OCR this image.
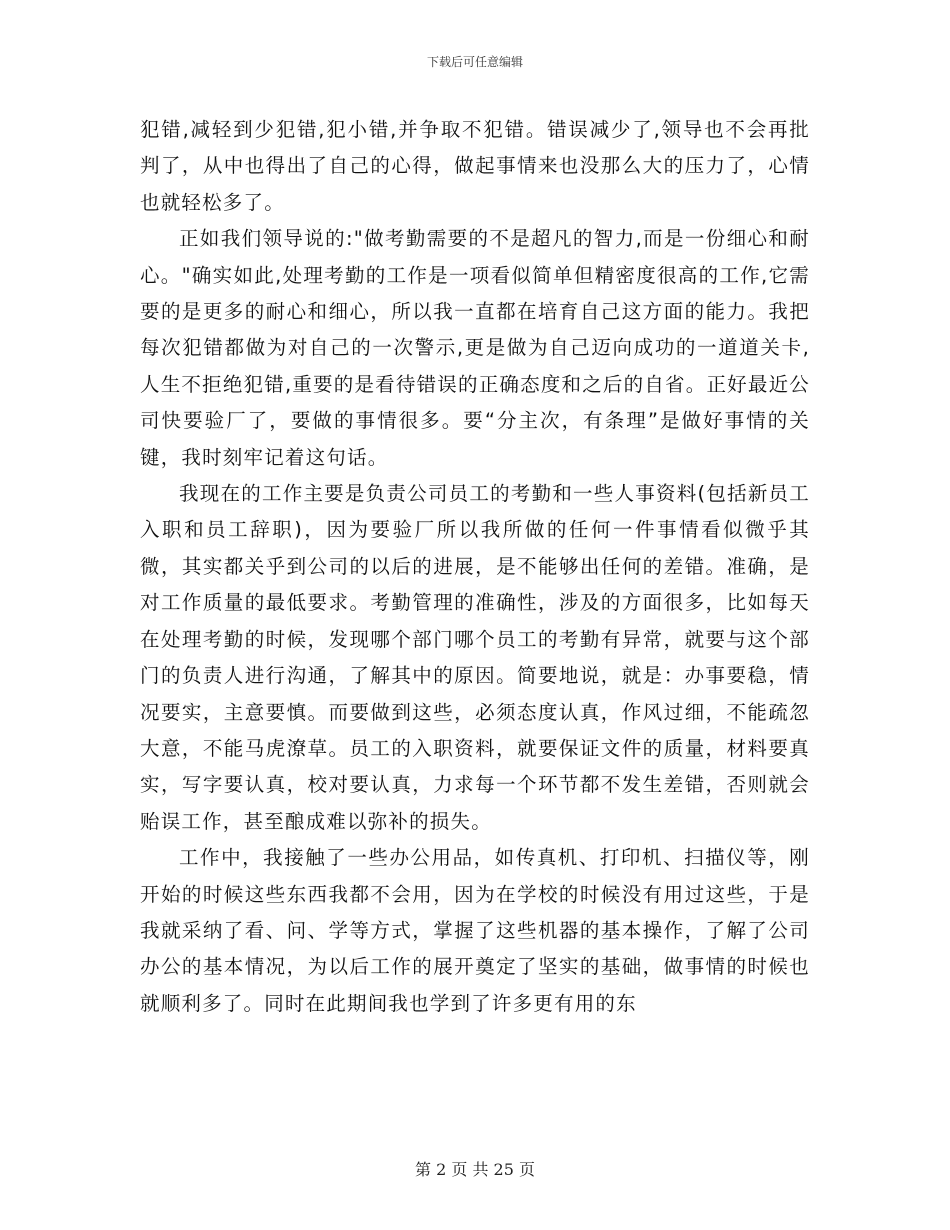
下载后可任意编辑

犯错,减轻到少犯错,犯小错,并争取不犯错。错误减少了,领导也不会再批判了，从中也得出了自己的心得，做起事情来也没那么大的压力了，心情也就轻松多了。

正如我们领导说的:"做考勤需要的不是超凡的智力,而是一份细心和耐心。"确实如此,处理考勤的工作是一项看似简单但精密度很高的工作,它需要的是更多的耐心和细心，所以我一直都在培育自己这方面的能力。我把每次犯错都做为对自己的一次警示,更是做为自己迈向成功的一道道关卡,人生不拒绝犯错,重要的是看待错误的正确态度和之后的自省。正好最近公司快要验厂了，要做的事情很多。要“分主次，有条理”是做好事情的关键，我时刻牢记着这句话。

我现在的工作主要是负责公司员工的考勤和一些人事资料(包括新员工入职和员工辞职)，因为要验厂所以我所做的任何一件事情看似微乎其微，其实都关乎到公司的以后的进展，是不能够出任何的差错。准确，是对工作质量的最低要求。考勤管理的准确性，涉及的方面很多，比如每天在处理考勤的时候，发现哪个部门哪个员工的考勤有异常，就要与这个部门的负责人进行沟通，了解其中的原因。简要地说，就是：办事要稳，情况要实，主意要慎。而要做到这些，必须态度认真，作风过细，不能疏忽大意，不能马虎潦草。员工的入职资料，就要保证文件的质量，材料要真实，写字要认真，校对要认真，力求每一个环节都不发生差错，否则就会贻误工作，甚至酿成难以弥补的损失。

工作中，我接触了一些办公用品，如传真机、打印机、扫描仪等，刚开始的时候这些东西我都不会用，因为在学校的时候没有用过这些，于是我就采纳了看、问、学等方式，掌握了这些机器的基本操作，了解了公司办公的基本情况，为以后工作的展开奠定了坚实的基础，做事情的时候也就顺利多了。同时在此期间我也学到了许多更有用的东

第 2 页 共 25 页
